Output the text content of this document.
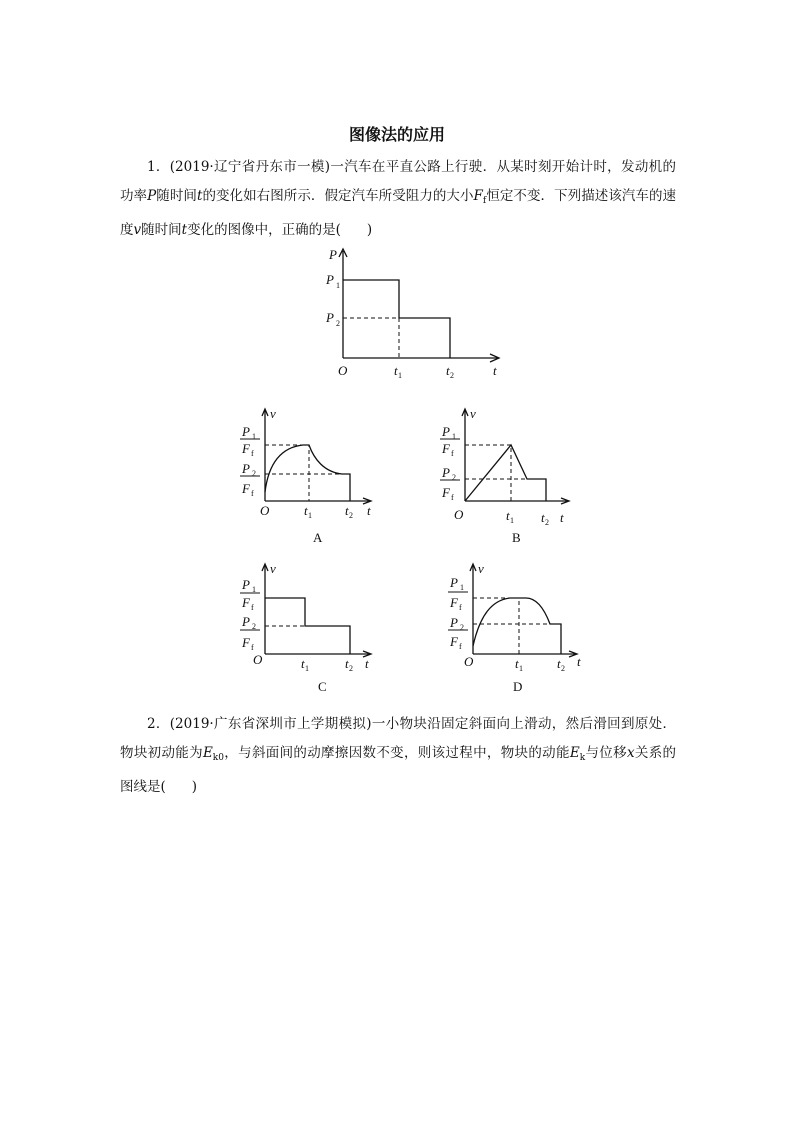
图像法的应用
1．(2019·辽宁省丹东市一模)一汽车在平直公路上行驶．从某时刻开始计时，发动机的功率P随时间t的变化如右图所示．假定汽车所受阻力的大小$F_f$恒定不变．下列描述该汽车的速度v随时间t变化的图像中，正确的是( )
P
P 1
P 2
O	t 1	t 2	t
v
P 1
F f
P 2
F f
O	t 1	t 2 t
A
v
P 1
F f
P 2
F f
O	t 1 t 2 t
B
v
P 1
F f
P 2
F f
O	t 1	t 2 t
C
v
P 1
F f
P 2
F f
O	t 1	t 2 t
D
2．(2019·广东省深圳市上学期模拟)一小物块沿固定斜面向上滑动，然后滑回到原处．物块初动能为$E_{k0}$，与斜面间的动摩擦因数不变，则该过程中，物块的动能$E_k$与位移x关系的图线是( )
